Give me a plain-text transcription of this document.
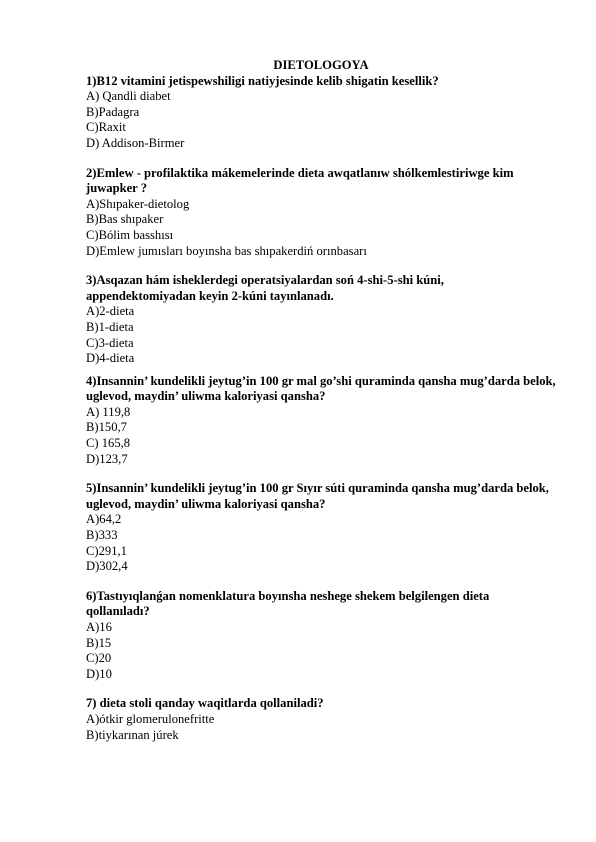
DIETOLOGOYA
1)B12 vitamini jetispewshiligi natiyjesinde kelib shigatin kesellik?
A) Qandli diabet
B)Padagra
C)Raxit
D) Addison-Birmer
2)Emlew - profilaktika mákemelerinde dieta awqatlanıw shólkemlestiriwge kim juwapker ?
A)Shıpaker-dietolog
B)Bas shıpaker
C)Bólim basshısı
D)Emlew jumısları boyınsha bas shıpakerdiń orınbasarı
3)Asqazan hám isheklerdegi operatsiyalardan soń 4-shi-5-shi kúni, appendektomiyadan keyin 2-kúni tayınlanadı.
A)2-dieta
B)1-dieta
C)3-dieta
D)4-dieta
4)Insannin’ kundelikli jeytug’in 100 gr mal go’shi quraminda qansha mug’darda belok, uglevod, maydin’ uliwma kaloriyasi qansha?
A) 119,8
B)150,7
C) 165,8
D)123,7
5)Insannin’ kundelikli jeytug’in 100 gr Sıyır súti quraminda qansha mug’darda belok, uglevod, maydin’ uliwma kaloriyasi qansha?
A)64,2
B)333
C)291,1
D)302,4
6)Tastıyıqlanǵan nomenklatura boyınsha neshege shekem belgilengen dieta qollanıladı?
A)16
B)15
C)20
D)10
7) dieta stoli qanday waqitlarda qollaniladi?
A)ótkir glomerulonefritte
B)tiykarınan júrek
